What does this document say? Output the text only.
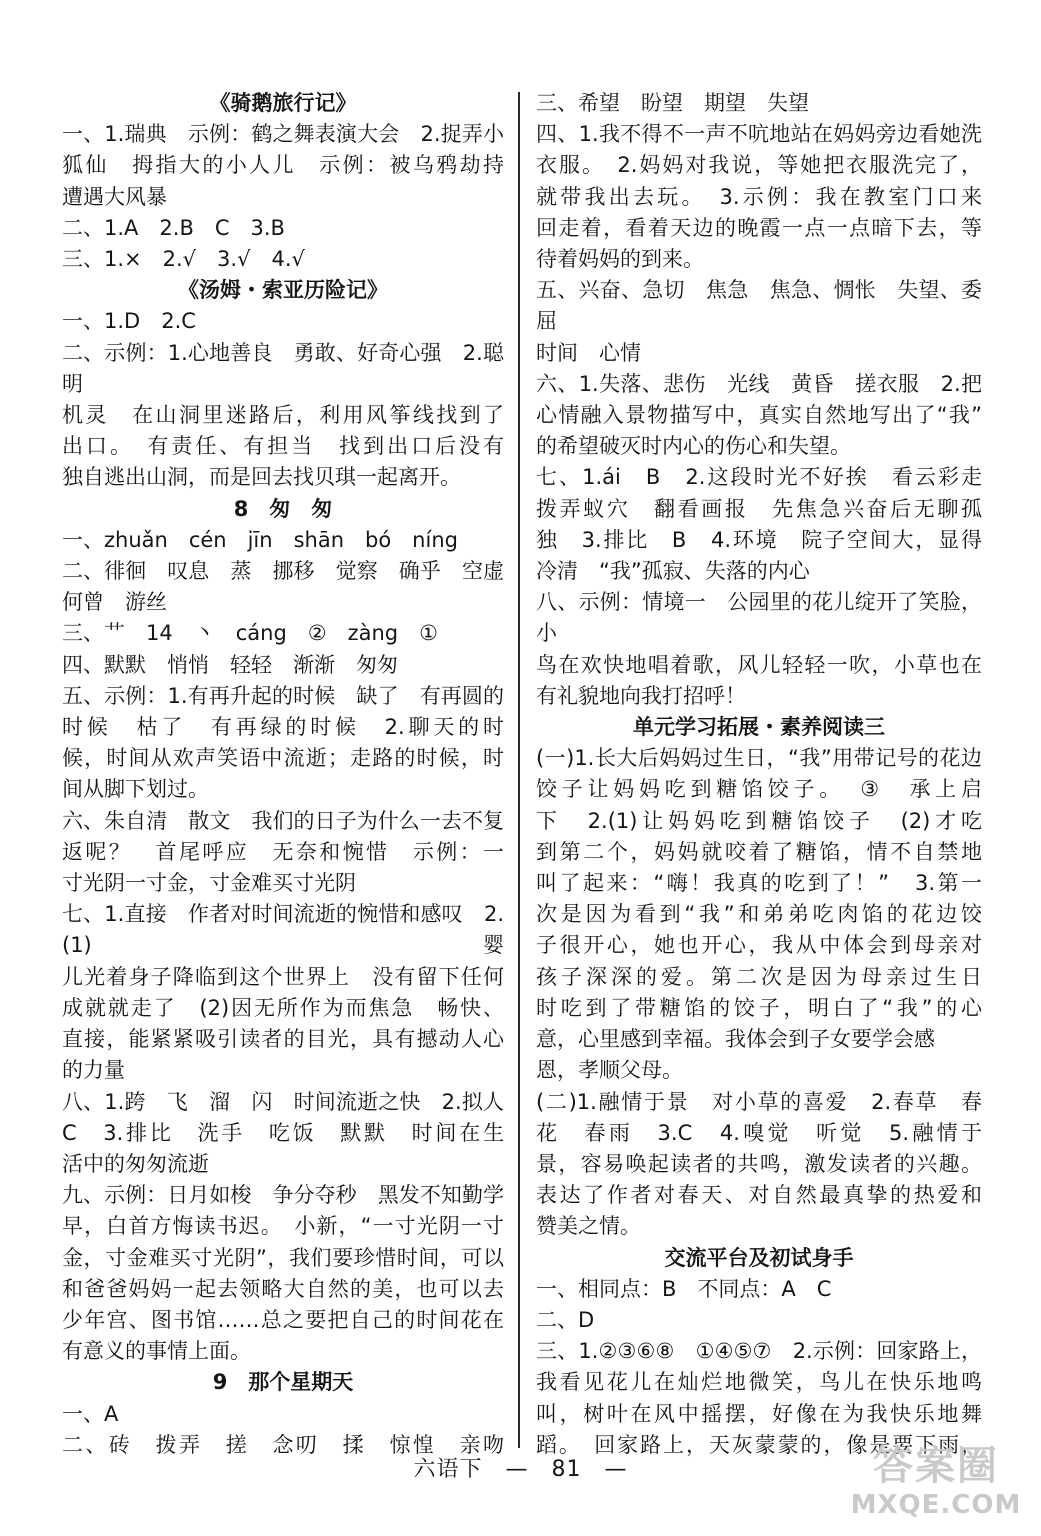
《骑鹅旅行记》
一、1.瑞典　示例：鹤之舞表演大会　2.捉弄小
狐仙　拇指大的小人儿　示例：被乌鸦劫持
遭遇大风暴
二、1.A　2.B　C　3.B
三、1.×　2.√　3.√　4.√
《汤姆・索亚历险记》
一、1.D　2.C
二、示例：1.心地善良　勇敢、好奇心强　2.聪明
机灵　在山洞里迷路后，利用风筝线找到了
出口。　有责任、有担当　找到出口后没有
独自逃出山洞，而是回去找贝琪一起离开。
8　匆　匆
一、zhuǎn　cén　jīn　shān　bó　níng
二、徘徊　叹息　蒸　挪移　觉察　确乎　空虚
何曾　游丝
三、艹　14　丶　cáng　②　zàng　①
四、默默　悄悄　轻轻　渐渐　匆匆
五、示例：1.有再升起的时候　缺了　有再圆的
时候　枯了　有再绿的时候　2.聊天的时
候，时间从欢声笑语中流逝；走路的时候，时
间从脚下划过。
六、朱自清　散文　我们的日子为什么一去不复
返呢？　首尾呼应　无奈和惋惜　示例：一
寸光阴一寸金，寸金难买寸光阴
七、1.直接　作者对时间流逝的惋惜和感叹　2.(1)婴
儿光着身子降临到这个世界上　没有留下任何
成就就走了　(2)因无所作为而焦急　畅快、
直接，能紧紧吸引读者的目光，具有撼动人心
的力量
八、1.跨　飞　溜　闪　时间流逝之快　2.拟人
C　3.排比　洗手　吃饭　默默　时间在生
活中的匆匆流逝
九、示例：日月如梭　争分夺秒　黑发不知勤学
早，白首方悔读书迟。　小新，“一寸光阴一寸
金，寸金难买寸光阴”，我们要珍惜时间，可以
和爸爸妈妈一起去领略大自然的美，也可以去
少年宫、图书馆……总之要把自己的时间花在
有意义的事情上面。
9　那个星期天
一、A
二、砖　拨弄　搓　念叨　揉　惊惶　亲吻
三、希望　盼望　期望　失望
四、1.我不得不一声不吭地站在妈妈旁边看她洗
衣服。　2.妈妈对我说，等她把衣服洗完了，
就带我出去玩。　3.示例：我在教室门口来
回走着，看着天边的晚霞一点一点暗下去，等
待着妈妈的到来。
五、兴奋、急切　焦急　焦急、惆怅　失望、委屈
时间　心情
六、1.失落、悲伤　光线　黄昏　搓衣服　2.把
心情融入景物描写中，真实自然地写出了“我”
的希望破灭时内心的伤心和失望。
七、1.ái　B　2.这段时光不好挨　看云彩走
拨弄蚁穴　翻看画报　先焦急兴奋后无聊孤
独　3.排比　B　4.环境　院子空间大，显得
冷清　“我”孤寂、失落的内心
八、示例：情境一　公园里的花儿绽开了笑脸，小
鸟在欢快地唱着歌，风儿轻轻一吹，小草也在
有礼貌地向我打招呼！
单元学习拓展・素养阅读三
(一)1.长大后妈妈过生日，“我”用带记号的花边
饺子让妈妈吃到糖馅饺子。　③　承上启
下　2.(1)让妈妈吃到糖馅饺子　(2)才吃
到第二个，妈妈就咬着了糖馅，情不自禁地
叫了起来：“嗨！我真的吃到了！”　3.第一
次是因为看到“我”和弟弟吃肉馅的花边饺
子很开心，她也开心，我从中体会到母亲对
孩子深深的爱。第二次是因为母亲过生日
时吃到了带糖馅的饺子，明白了“我”的心
意，心里感到幸福。我体会到子女要学会感
恩，孝顺父母。
(二)1.融情于景　对小草的喜爱　2.春草　春
花　春雨　3.C　4.嗅觉　听觉　5.融情于
景，容易唤起读者的共鸣，激发读者的兴趣。
表达了作者对春天、对自然最真挚的热爱和
赞美之情。
交流平台及初试身手
一、相同点：B　不同点：A　C
二、D
三、1.②③⑥⑧　①④⑤⑦　2.示例：回家路上，
我看见花儿在灿烂地微笑，鸟儿在快乐地鸣
叫，树叶在风中摇摆，好像在为我快乐地舞
蹈。　回家路上，天灰蒙蒙的，像是要下雨，
六语下　—　81　—	答案圈
MXQE.COM
